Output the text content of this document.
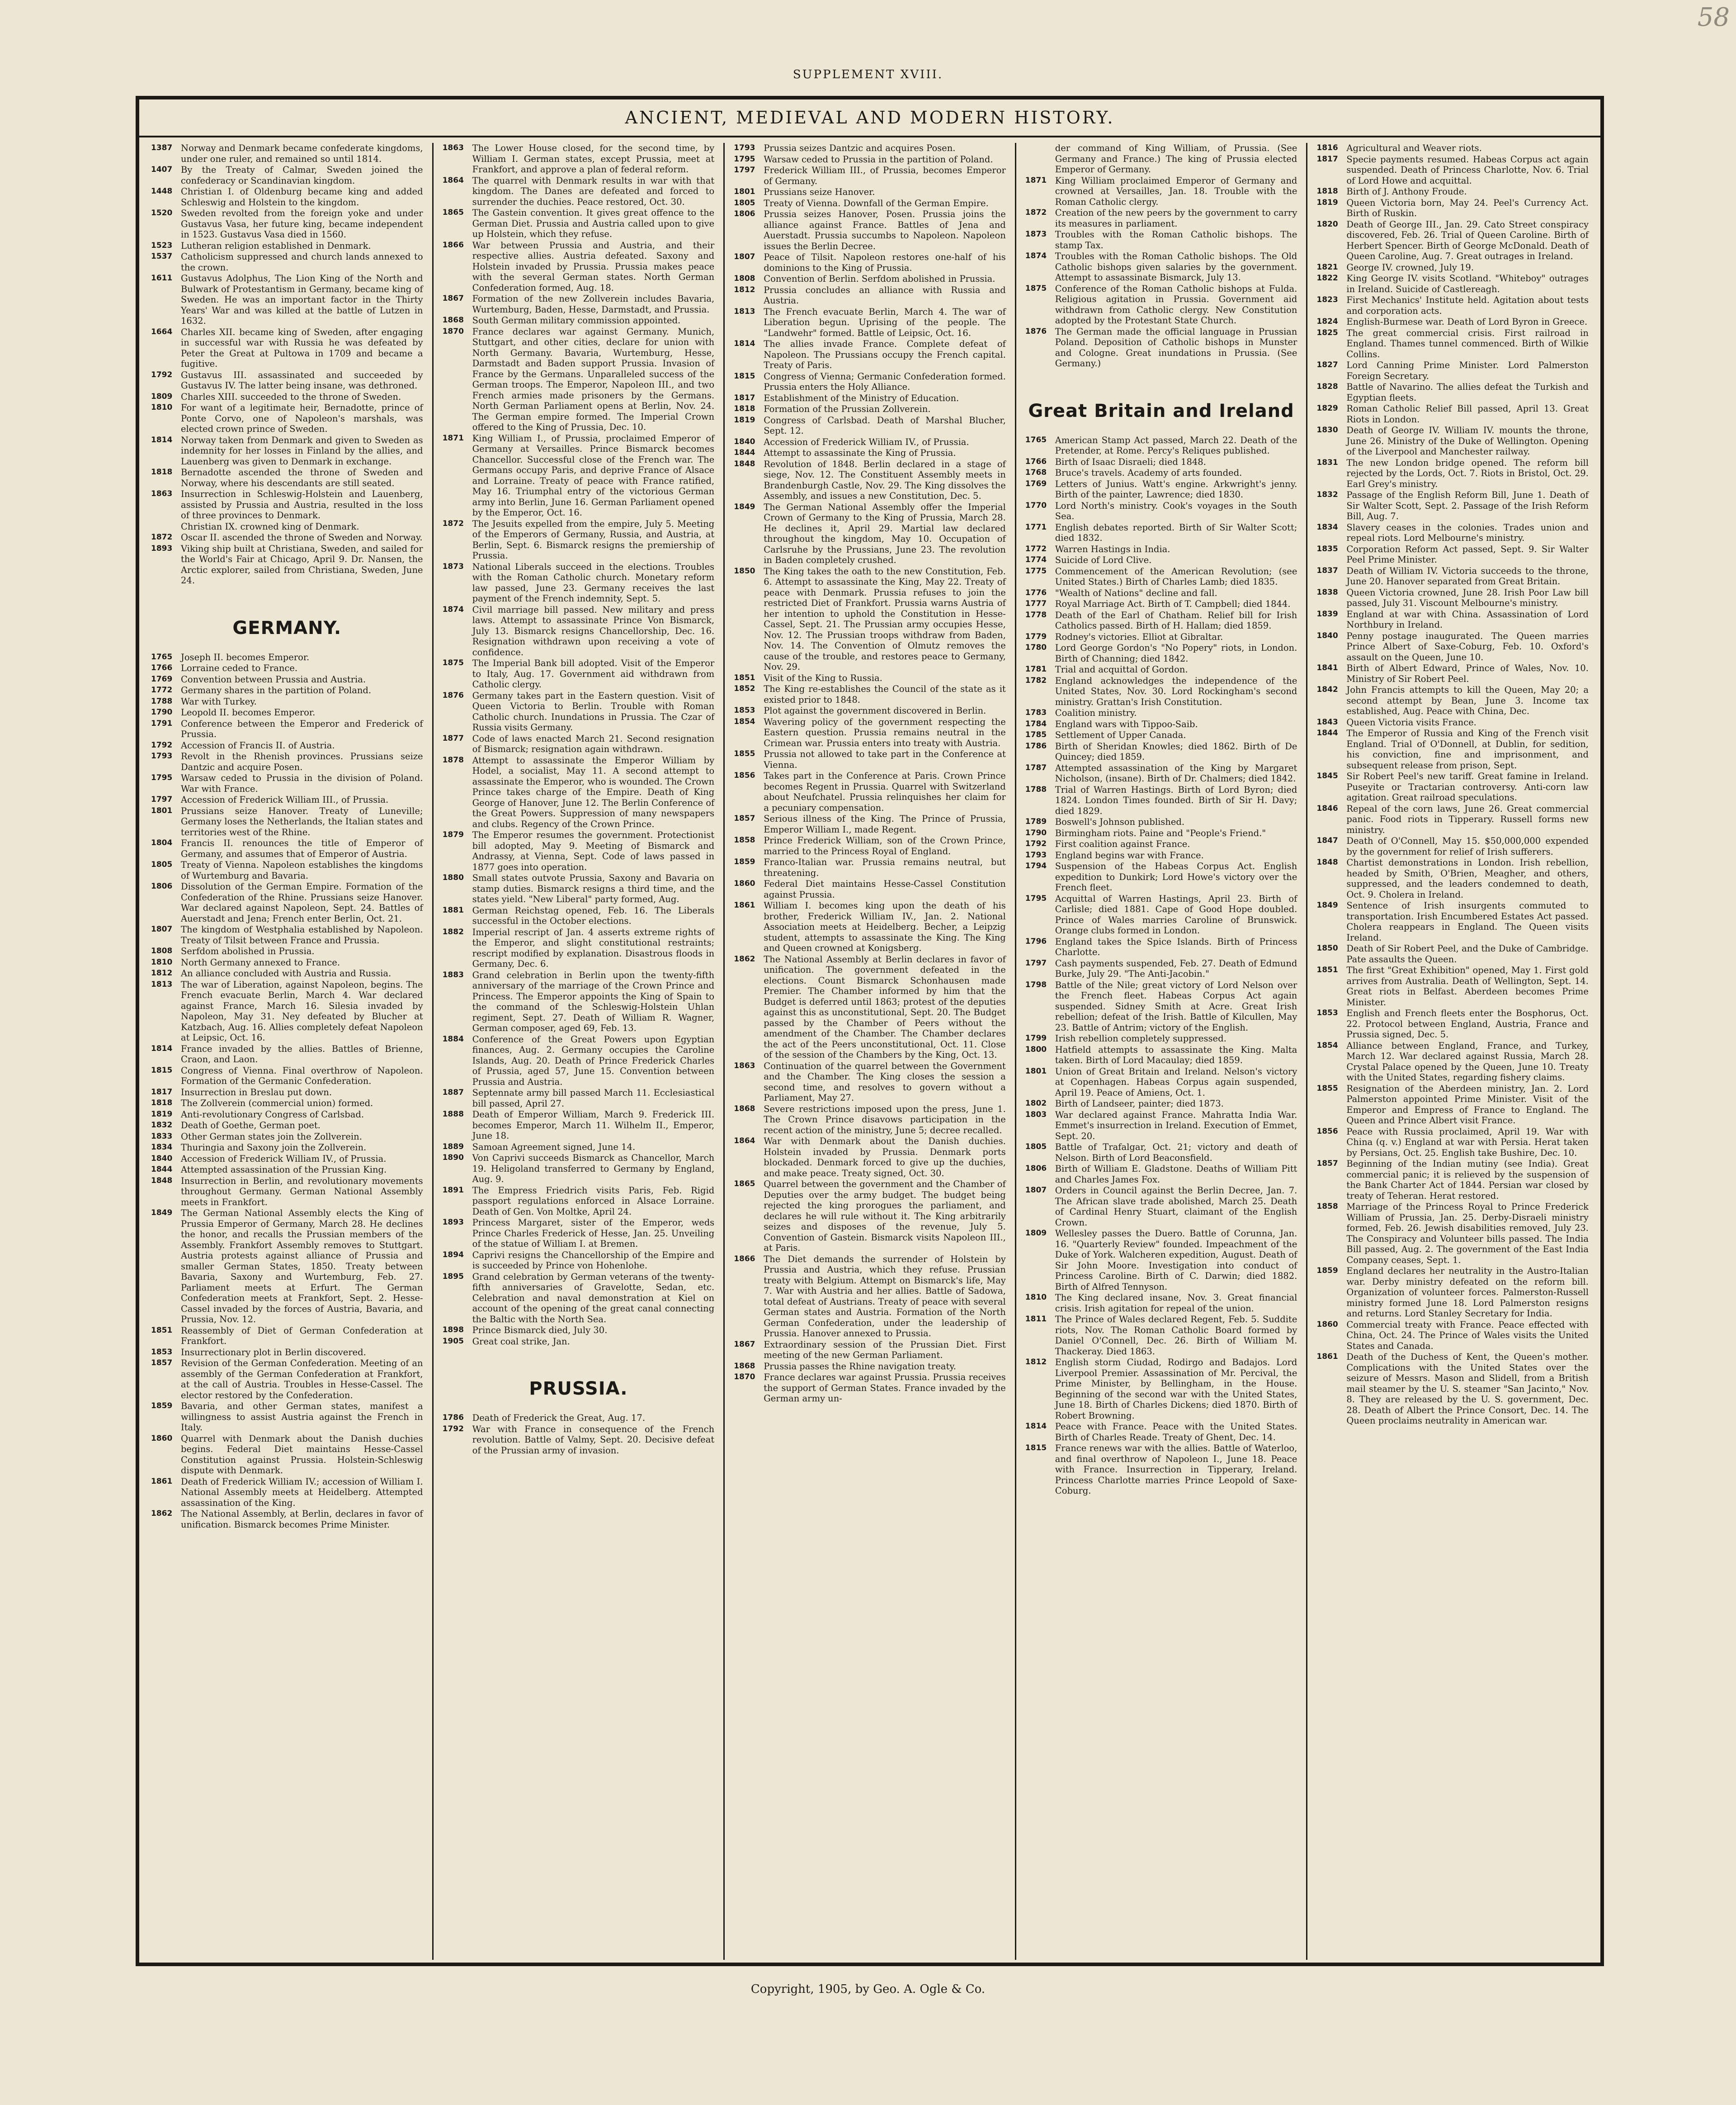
58
SUPPLEMENT XVIII.
ANCIENT, MEDIEVAL AND MODERN HISTORY.
1387 Norway and Denmark became confederate kingdoms, under one ruler, and remained so until 1814.
1407 By the Treaty of Calmar, Sweden joined the confederacy or Scandinavian kingdom.
1448 Christian I. of Oldenburg became king and added Schleswig and Holstein to the kingdom.
1520 Sweden revolted from the foreign yoke and under Gustavus Vasa, her future king, became independent in 1523. Gustavus Vasa died in 1560.
1523 Lutheran religion established in Denmark.
1537 Catholicism suppressed and church lands annexed to the crown.
1611 Gustavus Adolphus, The Lion King of the North and Bulwark of Protestantism in Germany, became king of Sweden. He was an important factor in the Thirty Years' War and was killed at the battle of Lutzen in 1632.
1664 Charles XII. became king of Sweden, after engaging in successful war with Russia he was defeated by Peter the Great at Pultowa in 1709 and became a fugitive.
1792 Gustavus III. assassinated and succeeded by Gustavus IV. The latter being insane, was dethroned.
1809 Charles XIII. succeeded to the throne of Sweden.
1810 For want of a legitimate heir, Bernadotte, prince of Ponte Corvo, one of Napoleon's marshals, was elected crown prince of Sweden.
1814 Norway taken from Denmark and given to Sweden as indemnity for her losses in Finland by the allies, and Lauenberg was given to Denmark in exchange.
1818 Bernadotte ascended the throne of Sweden and Norway, where his descendants are still seated.
1863 Insurrection in Schleswig-Holstein and Lauenberg, assisted by Prussia and Austria, resulted in the loss of three provinces to Denmark.
Christian IX. crowned king of Denmark.
1872 Oscar II. ascended the throne of Sweden and Norway.
1893 Viking ship built at Christiana, Sweden, and sailed for the World's Fair at Chicago, April 9. Dr. Nansen, the Arctic explorer, sailed from Christiana, Sweden, June 24.
GERMANY.
1765 Joseph II. becomes Emperor.
1766 Lorraine ceded to France.
1769 Convention between Prussia and Austria.
1772 Germany shares in the partition of Poland.
1788 War with Turkey.
1790 Leopold II. becomes Emperor.
1791 Conference between the Emperor and Frederick of Prussia.
1792 Accession of Francis II. of Austria.
1793 Revolt in the Rhenish provinces. Prussians seize Dantzic and acquire Posen.
1795 Warsaw ceded to Prussia in the division of Poland. War with France.
1797 Accession of Frederick William III., of Prussia.
1801 Prussians seize Hanover. Treaty of Luneville; Germany loses the Netherlands, the Italian states and territories west of the Rhine.
1804 Francis II. renounces the title of Emperor of Germany, and assumes that of Emperor of Austria.
1805 Treaty of Vienna. Napoleon establishes the kingdoms of Wurtemburg and Bavaria.
1806 Dissolution of the German Empire. Formation of the Confederation of the Rhine. Prussians seize Hanover. War declared against Napoleon, Sept. 24. Battles of Auerstadt and Jena; French enter Berlin, Oct. 21.
1807 The kingdom of Westphalia established by Napoleon. Treaty of Tilsit between France and Prussia.
1808 Serfdom abolished in Prussia.
1810 North Germany annexed to France.
1812 An alliance concluded with Austria and Russia.
1813 The war of Liberation, against Napoleon, begins. The French evacuate Berlin, March 4. War declared against France, March 16. Silesia invaded by Napoleon, May 31. Ney defeated by Blucher at Katzbach, Aug. 16. Allies completely defeat Napoleon at Leipsic, Oct. 16.
1814 France invaded by the allies. Battles of Brienne, Craon, and Laon.
1815 Congress of Vienna. Final overthrow of Napoleon. Formation of the Germanic Confederation.
1817 Insurrection in Breslau put down.
1818 The Zollverein (commercial union) formed.
1819 Anti-revolutionary Congress of Carlsbad.
1832 Death of Goethe, German poet.
1833 Other German states join the Zollverein.
1834 Thuringia and Saxony join the Zollverein.
1840 Accession of Frederick William IV., of Prussia.
1844 Attempted assassination of the Prussian King.
1848 Insurrection in Berlin, and revolutionary movements throughout Germany. German National Assembly meets in Frankfort.
1849 The German National Assembly elects the King of Prussia Emperor of Germany, March 28. He declines the honor, and recalls the Prussian members of the Assembly. Frankfort Assembly removes to Stuttgart. Austria protests against alliance of Prussia and smaller German States, 1850. Treaty between Bavaria, Saxony and Wurtemburg, Feb. 27. Parliament meets at Erfurt. The German Confederation meets at Frankfort, Sept. 2. Hesse-Cassel invaded by the forces of Austria, Bavaria, and Prussia, Nov. 12.
1851 Reassembly of Diet of German Confederation at Frankfort.
1853 Insurrectionary plot in Berlin discovered.
1857 Revision of the German Confederation. Meeting of an assembly of the German Confederation at Frankfort, at the call of Austria. Troubles in Hesse-Cassel. The elector restored by the Confederation.
1859 Bavaria, and other German states, manifest a willingness to assist Austria against the French in Italy.
1860 Quarrel with Denmark about the Danish duchies begins. Federal Diet maintains Hesse-Cassel Constitution against Prussia. Holstein-Schleswig dispute with Denmark.
1861 Death of Frederick William IV.; accession of William I. National Assembly meets at Heidelberg. Attempted assassination of the King.
1862 The National Assembly, at Berlin, declares in favor of unification. Bismarck becomes Prime Minister.
1863 The Lower House closed, for the second time, by William I. German states, except Prussia, meet at Frankfort, and approve a plan of federal reform.
1864 The quarrel with Denmark results in war with that kingdom. The Danes are defeated and forced to surrender the duchies. Peace restored, Oct. 30.
1865 The Gastein convention. It gives great offence to the German Diet. Prussia and Austria called upon to give up Holstein, which they refuse.
1866 War between Prussia and Austria, and their respective allies. Austria defeated. Saxony and Holstein invaded by Prussia. Prussia makes peace with the several German states. North German Confederation formed, Aug. 18.
1867 Formation of the new Zollverein includes Bavaria, Wurtemburg, Baden, Hesse, Darmstadt, and Prussia.
1868 South German military commission appointed.
1870 France declares war against Germany. Munich, Stuttgart, and other cities, declare for union with North Germany. Bavaria, Wurtemburg, Hesse, Darmstadt and Baden support Prussia. Invasion of France by the Germans. Unparalleled success of the German troops. The Emperor, Napoleon III., and two French armies made prisoners by the Germans. North German Parliament opens at Berlin, Nov. 24. The German empire formed. The Imperial Crown offered to the King of Prussia, Dec. 10.
1871 King William I., of Prussia, proclaimed Emperor of Germany at Versailles. Prince Bismarck becomes Chancellor. Successful close of the French war. The Germans occupy Paris, and deprive France of Alsace and Lorraine. Treaty of peace with France ratified, May 16. Triumphal entry of the victorious German army into Berlin, June 16. German Parliament opened by the Emperor, Oct. 16.
1872 The Jesuits expelled from the empire, July 5. Meeting of the Emperors of Germany, Russia, and Austria, at Berlin, Sept. 6. Bismarck resigns the premiership of Prussia.
1873 National Liberals succeed in the elections. Troubles with the Roman Catholic church. Monetary reform law passed, June 23. Germany receives the last payment of the French indemnity, Sept. 5.
1874 Civil marriage bill passed. New military and press laws. Attempt to assassinate Prince Von Bismarck, July 13. Bismarck resigns Chancellorship, Dec. 16. Resignation withdrawn upon receiving a vote of confidence.
1875 The Imperial Bank bill adopted. Visit of the Emperor to Italy, Aug. 17. Government aid withdrawn from Catholic clergy.
1876 Germany takes part in the Eastern question. Visit of Queen Victoria to Berlin. Trouble with Roman Catholic church. Inundations in Prussia. The Czar of Russia visits Germany.
1877 Code of laws enacted March 21. Second resignation of Bismarck; resignation again withdrawn.
1878 Attempt to assassinate the Emperor William by Hodel, a socialist, May 11. A second attempt to assassinate the Emperor, who is wounded. The Crown Prince takes charge of the Empire. Death of King George of Hanover, June 12. The Berlin Conference of the Great Powers. Suppression of many newspapers and clubs. Regency of the Crown Prince.
1879 The Emperor resumes the government. Protectionist bill adopted, May 9. Meeting of Bismarck and Andrassy, at Vienna, Sept. Code of laws passed in 1877 goes into operation.
1880 Small states outvote Prussia, Saxony and Bavaria on stamp duties. Bismarck resigns a third time, and the states yield. "New Liberal" party formed, Aug.
1881 German Reichstag opened, Feb. 16. The Liberals successful in the October elections.
1882 Imperial rescript of Jan. 4 asserts extreme rights of the Emperor, and slight constitutional restraints; rescript modified by explanation. Disastrous floods in Germany, Dec. 6.
1883 Grand celebration in Berlin upon the twenty-fifth anniversary of the marriage of the Crown Prince and Princess. The Emperor appoints the King of Spain to the command of the Schleswig-Holstein Uhlan regiment, Sept. 27. Death of William R. Wagner, German composer, aged 69, Feb. 13.
1884 Conference of the Great Powers upon Egyptian finances, Aug. 2. Germany occupies the Caroline Islands, Aug. 20. Death of Prince Frederick Charles of Prussia, aged 57, June 15. Convention between Prussia and Austria.
1887 Septennate army bill passed March 11. Ecclesiastical bill passed, April 27.
1888 Death of Emperor William, March 9. Frederick III. becomes Emperor, March 11. Wilhelm II., Emperor, June 18.
1889 Samoan Agreement signed, June 14.
1890 Von Caprivi succeeds Bismarck as Chancellor, March 19. Heligoland transferred to Germany by England, Aug. 9.
1891 The Empress Friedrich visits Paris, Feb. Rigid passport regulations enforced in Alsace Lorraine. Death of Gen. Von Moltke, April 24.
1893 Princess Margaret, sister of the Emperor, weds Prince Charles Frederick of Hesse, Jan. 25. Unveiling of the statue of William I. at Bremen.
1894 Caprivi resigns the Chancellorship of the Empire and is succeeded by Prince von Hohenlohe.
1895 Grand celebration by German veterans of the twenty-fifth anniversaries of Gravelotte, Sedan, etc. Celebration and naval demonstration at Kiel on account of the opening of the great canal connecting the Baltic with the North Sea.
1898 Prince Bismarck died, July 30.
1905 Great coal strike, Jan.
PRUSSIA.
1786 Death of Frederick the Great, Aug. 17.
1792 War with France in consequence of the French revolution. Battle of Valmy, Sept. 20. Decisive defeat of the Prussian army of invasion.
1793 Prussia seizes Dantzic and acquires Posen.
1795 Warsaw ceded to Prussia in the partition of Poland.
1797 Frederick William III., of Prussia, becomes Emperor of Germany.
1801 Prussians seize Hanover.
1805 Treaty of Vienna. Downfall of the German Empire.
1806 Prussia seizes Hanover, Posen. Prussia joins the alliance against France. Battles of Jena and Auerstadt. Prussia succumbs to Napoleon. Napoleon issues the Berlin Decree.
1807 Peace of Tilsit. Napoleon restores one-half of his dominions to the King of Prussia.
1808 Convention of Berlin. Serfdom abolished in Prussia.
1812 Prussia concludes an alliance with Russia and Austria.
1813 The French evacuate Berlin, March 4. The war of Liberation begun. Uprising of the people. The "Landwehr" formed. Battle of Leipsic, Oct. 16.
1814 The allies invade France. Complete defeat of Napoleon. The Prussians occupy the French capital. Treaty of Paris.
1815 Congress of Vienna; Germanic Confederation formed. Prussia enters the Holy Alliance.
1817 Establishment of the Ministry of Education.
1818 Formation of the Prussian Zollverein.
1819 Congress of Carlsbad. Death of Marshal Blucher, Sept. 12.
1840 Accession of Frederick William IV., of Prussia.
1844 Attempt to assassinate the King of Prussia.
1848 Revolution of 1848. Berlin declared in a stage of siege, Nov. 12. The Constituent Assembly meets in Brandenburgh Castle, Nov. 29. The King dissolves the Assembly, and issues a new Constitution, Dec. 5.
1849 The German National Assembly offer the Imperial Crown of Germany to the King of Prussia, March 28. He declines it, April 29. Martial law declared throughout the kingdom, May 10. Occupation of Carlsruhe by the Prussians, June 23. The revolution in Baden completely crushed.
1850 The King takes the oath to the new Constitution, Feb. 6. Attempt to assassinate the King, May 22. Treaty of peace with Denmark. Prussia refuses to join the restricted Diet of Frankfort. Prussia warns Austria of her intention to uphold the Constitution in Hesse-Cassel, Sept. 21. The Prussian army occupies Hesse, Nov. 12. The Prussian troops withdraw from Baden, Nov. 14. The Convention of Olmutz removes the cause of the trouble, and restores peace to Germany, Nov. 29.
1851 Visit of the King to Russia.
1852 The King re-establishes the Council of the state as it existed prior to 1848.
1853 Plot against the government discovered in Berlin.
1854 Wavering policy of the government respecting the Eastern question. Prussia remains neutral in the Crimean war. Prussia enters into treaty with Austria.
1855 Prussia not allowed to take part in the Conference at Vienna.
1856 Takes part in the Conference at Paris. Crown Prince becomes Regent in Prussia. Quarrel with Switzerland about Neufchatel. Prussia relinquishes her claim for a pecuniary compensation.
1857 Serious illness of the King. The Prince of Prussia, Emperor William I., made Regent.
1858 Prince Frederick William, son of the Crown Prince, married to the Princess Royal of England.
1859 Franco-Italian war. Prussia remains neutral, but threatening.
1860 Federal Diet maintains Hesse-Cassel Constitution against Prussia.
1861 William I. becomes king upon the death of his brother, Frederick William IV., Jan. 2. National Association meets at Heidelberg. Becher, a Leipzig student, attempts to assassinate the King. The King and Queen crowned at Konigsberg.
1862 The National Assembly at Berlin declares in favor of unification. The government defeated in the elections. Count Bismarck Schonhausen made Premier. The Chamber informed by him that the Budget is deferred until 1863; protest of the deputies against this as unconstitutional, Sept. 20. The Budget passed by the Chamber of Peers without the amendment of the Chamber. The Chamber declares the act of the Peers unconstitutional, Oct. 11. Close of the session of the Chambers by the King, Oct. 13.
1863 Continuation of the quarrel between the Government and the Chamber. The King closes the session a second time, and resolves to govern without a Parliament, May 27.
1868 Severe restrictions imposed upon the press, June 1. The Crown Prince disavows participation in the recent action of the ministry, June 5; decree recalled.
1864 War with Denmark about the Danish duchies. Holstein invaded by Prussia. Denmark ports blockaded. Denmark forced to give up the duchies, and make peace. Treaty signed, Oct. 30.
1865 Quarrel between the government and the Chamber of Deputies over the army budget. The budget being rejected the king prorogues the parliament, and declares he will rule without it. The King arbitrarily seizes and disposes of the revenue, July 5. Convention of Gastein. Bismarck visits Napoleon III., at Paris.
1866 The Diet demands the surrender of Holstein by Prussia and Austria, which they refuse. Prussian treaty with Belgium. Attempt on Bismarck's life, May 7. War with Austria and her allies. Battle of Sadowa, total defeat of Austrians. Treaty of peace with several German states and Austria. Formation of the North German Confederation, under the leadership of Prussia. Hanover annexed to Prussia.
1867 Extraordinary session of the Prussian Diet. First meeting of the new German Parliament.
1868 Prussia passes the Rhine navigation treaty.
1870 France declares war against Prussia. Prussia receives the support of German States. France invaded by the German army un-
der command of King William, of Prussia. (See Germany and France.) The king of Prussia elected Emperor of Germany.
1871 King William proclaimed Emperor of Germany and crowned at Versailles, Jan. 18. Trouble with the Roman Catholic clergy.
1872 Creation of the new peers by the government to carry its measures in parliament.
1873 Troubles with the Roman Catholic bishops. The stamp Tax.
1874 Troubles with the Roman Catholic bishops. The Old Catholic bishops given salaries by the government. Attempt to assassinate Bismarck, July 13.
1875 Conference of the Roman Catholic bishops at Fulda. Religious agitation in Prussia. Government aid withdrawn from Catholic clergy. New Constitution adopted by the Protestant State Church.
1876 The German made the official language in Prussian Poland. Deposition of Catholic bishops in Munster and Cologne. Great inundations in Prussia. (See Germany.)
Great Britain and Ireland
1765 American Stamp Act passed, March 22. Death of the Pretender, at Rome. Percy's Reliques published.
1766 Birth of Isaac Disraeli; died 1848.
1768 Bruce's travels. Academy of arts founded.
1769 Letters of Junius. Watt's engine. Arkwright's jenny. Birth of the painter, Lawrence; died 1830.
1770 Lord North's ministry. Cook's voyages in the South Sea.
1771 English debates reported. Birth of Sir Walter Scott; died 1832.
1772 Warren Hastings in India.
1774 Suicide of Lord Clive.
1775 Commencement of the American Revolution; (see United States.) Birth of Charles Lamb; died 1835.
1776 "Wealth of Nations" decline and fall.
1777 Royal Marriage Act. Birth of T. Campbell; died 1844.
1778 Death of the Earl of Chatham. Relief bill for Irish Catholics passed. Birth of H. Hallam; died 1859.
1779 Rodney's victories. Elliot at Gibraltar.
1780 Lord George Gordon's "No Popery" riots, in London. Birth of Channing; died 1842.
1781 Trial and acquittal of Gordon.
1782 England acknowledges the independence of the United States, Nov. 30. Lord Rockingham's second ministry. Grattan's Irish Constitution.
1783 Coalition ministry.
1784 England wars with Tippoo-Saib.
1785 Settlement of Upper Canada.
1786 Birth of Sheridan Knowles; died 1862. Birth of De Quincey; died 1859.
1787 Attempted assassination of the King by Margaret Nicholson, (insane). Birth of Dr. Chalmers; died 1842.
1788 Trial of Warren Hastings. Birth of Lord Byron; died 1824. London Times founded. Birth of Sir H. Davy; died 1829.
1789 Boswell's Johnson published.
1790 Birmingham riots. Paine and "People's Friend."
1792 First coalition against France.
1793 England begins war with France.
1794 Suspension of the Habeas Corpus Act. English expedition to Dunkirk; Lord Howe's victory over the French fleet.
1795 Acquittal of Warren Hastings, April 23. Birth of Carlisle; died 1881. Cape of Good Hope doubled. Prince of Wales marries Caroline of Brunswick. Orange clubs formed in London.
1796 England takes the Spice Islands. Birth of Princess Charlotte.
1797 Cash payments suspended, Feb. 27. Death of Edmund Burke, July 29. "The Anti-Jacobin."
1798 Battle of the Nile; great victory of Lord Nelson over the French fleet. Habeas Corpus Act again suspended. Sidney Smith at Acre. Great Irish rebellion; defeat of the Irish. Battle of Kilcullen, May 23. Battle of Antrim; victory of the English.
1799 Irish rebellion completely suppressed.
1800 Hatfield attempts to assassinate the King. Malta taken. Birth of Lord Macaulay; died 1859.
1801 Union of Great Britain and Ireland. Nelson's victory at Copenhagen. Habeas Corpus again suspended, April 19. Peace of Amiens, Oct. 1.
1802 Birth of Landseer, painter; died 1873.
1803 War declared against France. Mahratta India War. Emmet's insurrection in Ireland. Execution of Emmet, Sept. 20.
1805 Battle of Trafalgar, Oct. 21; victory and death of Nelson. Birth of Lord Beaconsfield.
1806 Birth of William E. Gladstone. Deaths of William Pitt and Charles James Fox.
1807 Orders in Council against the Berlin Decree, Jan. 7. The African slave trade abolished, March 25. Death of Cardinal Henry Stuart, claimant of the English Crown.
1809 Wellesley passes the Duero. Battle of Corunna, Jan. 16. "Quarterly Review" founded. Impeachment of the Duke of York. Walcheren expedition, August. Death of Sir John Moore. Investigation into conduct of Princess Caroline. Birth of C. Darwin; died 1882. Birth of Alfred Tennyson.
1810 The King declared insane, Nov. 3. Great financial crisis. Irish agitation for repeal of the union.
1811 The Prince of Wales declared Regent, Feb. 5. Suddite riots, Nov. The Roman Catholic Board formed by Daniel O'Connell, Dec. 26. Birth of William M. Thackeray. Died 1863.
1812 English storm Ciudad, Rodirgo and Badajos. Lord Liverpool Premier. Assassination of Mr. Percival, the Prime Minister, by Bellingham, in the House. Beginning of the second war with the United States, June 18. Birth of Charles Dickens; died 1870. Birth of Robert Browning.
1814 Peace with France. Peace with the United States. Birth of Charles Reade. Treaty of Ghent, Dec. 14.
1815 France renews war with the allies. Battle of Waterloo, and final overthrow of Napoleon I., June 18. Peace with France. Insurrection in Tipperary, Ireland. Princess Charlotte marries Prince Leopold of Saxe-Coburg.
1816 Agricultural and Weaver riots.
1817 Specie payments resumed. Habeas Corpus act again suspended. Death of Princess Charlotte, Nov. 6. Trial of Lord Howe and acquittal.
1818 Birth of J. Anthony Froude.
1819 Queen Victoria born, May 24. Peel's Currency Act. Birth of Ruskin.
1820 Death of George III., Jan. 29. Cato Street conspiracy discovered, Feb. 26. Trial of Queen Caroline. Birth of Herbert Spencer. Birth of George McDonald. Death of Queen Caroline, Aug. 7. Great outrages in Ireland.
1821 George IV. crowned, July 19.
1822 King George IV. visits Scotland. "Whiteboy" outrages in Ireland. Suicide of Castlereagh.
1823 First Mechanics' Institute held. Agitation about tests and corporation acts.
1824 English-Burmese war. Death of Lord Byron in Greece.
1825 The great commercial crisis. First railroad in England. Thames tunnel commenced. Birth of Wilkie Collins.
1827 Lord Canning Prime Minister. Lord Palmerston Foreign Secretary.
1828 Battle of Navarino. The allies defeat the Turkish and Egyptian fleets.
1829 Roman Catholic Relief Bill passed, April 13. Great Riots in London.
1830 Death of George IV. William IV. mounts the throne, June 26. Ministry of the Duke of Wellington. Opening of the Liverpool and Manchester railway.
1831 The new London bridge opened. The reform bill rejected by the Lords, Oct. 7. Riots in Bristol, Oct. 29. Earl Grey's ministry.
1832 Passage of the English Reform Bill, June 1. Death of Sir Walter Scott, Sept. 2. Passage of the Irish Reform Bill, Aug. 7.
1834 Slavery ceases in the colonies. Trades union and repeal riots. Lord Melbourne's ministry.
1835 Corporation Reform Act passed, Sept. 9. Sir Walter Peel Prime Minister.
1837 Death of William IV. Victoria succeeds to the throne, June 20. Hanover separated from Great Britain.
1838 Queen Victoria crowned, June 28. Irish Poor Law bill passed, July 31. Viscount Melbourne's ministry.
1839 England at war with China. Assassination of Lord Northbury in Ireland.
1840 Penny postage inaugurated. The Queen marries Prince Albert of Saxe-Coburg, Feb. 10. Oxford's assault on the Queen, June 10.
1841 Birth of Albert Edward, Prince of Wales, Nov. 10. Ministry of Sir Robert Peel.
1842 John Francis attempts to kill the Queen, May 20; a second attempt by Bean, June 3. Income tax established, Aug. Peace with China, Dec.
1843 Queen Victoria visits France.
1844 The Emperor of Russia and King of the French visit England. Trial of O'Donnell, at Dublin, for sedition, his conviction, fine and imprisonment, and subsequent release from prison, Sept.
1845 Sir Robert Peel's new tariff. Great famine in Ireland. Puseyite or Tractarian controversy. Anti-corn law agitation. Great railroad speculations.
1846 Repeal of the corn laws, June 26. Great commercial panic. Food riots in Tipperary. Russell forms new ministry.
1847 Death of O'Connell, May 15. $50,000,000 expended by the government for relief of Irish sufferers.
1848 Chartist demonstrations in London. Irish rebellion, headed by Smith, O'Brien, Meagher, and others, suppressed, and the leaders condemned to death, Oct. 9. Cholera in Ireland.
1849 Sentence of Irish insurgents commuted to transportation. Irish Encumbered Estates Act passed. Cholera reappears in England. The Queen visits Ireland.
1850 Death of Sir Robert Peel, and the Duke of Cambridge. Pate assaults the Queen.
1851 The first "Great Exhibition" opened, May 1. First gold arrives from Australia. Death of Wellington, Sept. 14. Great riots in Belfast. Aberdeen becomes Prime Minister.
1853 English and French fleets enter the Bosphorus, Oct. 22. Protocol between England, Austria, France and Prussia signed, Dec. 5.
1854 Alliance between England, France, and Turkey, March 12. War declared against Russia, March 28. Crystal Palace opened by the Queen, June 10. Treaty with the United States, regarding fishery claims.
1855 Resignation of the Aberdeen ministry, Jan. 2. Lord Palmerston appointed Prime Minister. Visit of the Emperor and Empress of France to England. The Queen and Prince Albert visit France.
1856 Peace with Russia proclaimed, April 19. War with China (q. v.) England at war with Persia. Herat taken by Persians, Oct. 25. English take Bushire, Dec. 10.
1857 Beginning of the Indian mutiny (see India). Great commercial panic; it is relieved by the suspension of the Bank Charter Act of 1844. Persian war closed by treaty of Teheran. Herat restored.
1858 Marriage of the Princess Royal to Prince Frederick William of Prussia, Jan. 25. Derby-Disraeli ministry formed, Feb. 26. Jewish disabilities removed, July 23. The Conspiracy and Volunteer bills passed. The India Bill passed, Aug. 2. The government of the East India Company ceases, Sept. 1.
1859 England declares her neutrality in the Austro-Italian war. Derby ministry defeated on the reform bill. Organization of volunteer forces. Palmerston-Russell ministry formed June 18. Lord Palmerston resigns and returns. Lord Stanley Secretary for India.
1860 Commercial treaty with France. Peace effected with China, Oct. 24. The Prince of Wales visits the United States and Canada.
1861 Death of the Duchess of Kent, the Queen's mother. Complications with the United States over the seizure of Messrs. Mason and Slidell, from a British mail steamer by the U. S. steamer "San Jacinto," Nov. 8. They are released by the U. S. government, Dec. 28. Death of Albert the Prince Consort, Dec. 14. The Queen proclaims neutrality in American war.
Copyright, 1905, by Geo. A. Ogle & Co.
